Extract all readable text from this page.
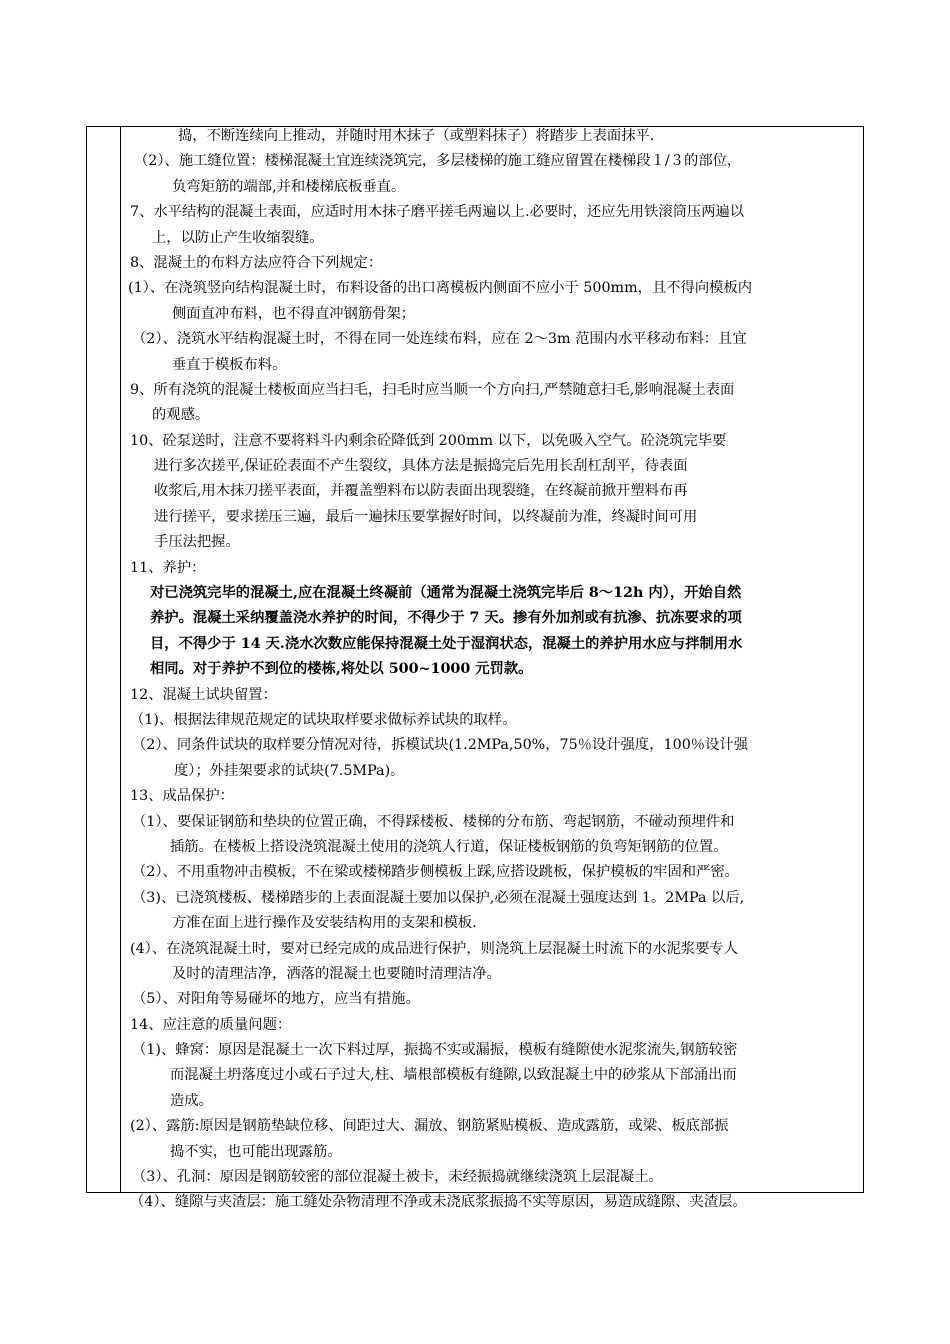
捣，不断连续向上推动，并随时用木抹子（或塑料抹子）将踏步上表面抹平.
（2）、施工缝位置：楼梯混凝土宜连续浇筑完，多层楼梯的施工缝应留置在楼梯段１/３的部位，
负弯矩筋的端部,并和楼梯底板垂直。
7、水平结构的混凝土表面，应适时用木抹子磨平搓毛两遍以上.必要时，还应先用铁滚筒压两遍以
上，以防止产生收缩裂缝。
8、混凝土的布料方法应符合下列规定：
(1）、在浇筑竖向结构混凝土时，布料设备的出口离模板内侧面不应小于 500mm，且不得向模板内
侧面直冲布料，也不得直冲钢筋骨架；
（2）、浇筑水平结构混凝土时，不得在同一处连续布料，应在 2～3m 范围内水平移动布料：且宜
垂直于模板布料。
9、所有浇筑的混凝土楼板面应当扫毛，扫毛时应当顺一个方向扫,严禁随意扫毛,影响混凝土表面
的观感。
10、砼泵送时，注意不要将料斗内剩余砼降低到 200mm 以下，以免吸入空气。砼浇筑完毕要
进行多次搓平,保证砼表面不产生裂纹，具体方法是振捣完后先用长刮杠刮平，待表面
收浆后,用木抹刀搓平表面，并覆盖塑料布以防表面出现裂缝，在终凝前掀开塑料布再
进行搓平，要求搓压三遍，最后一遍抹压要掌握好时间，以终凝前为准，终凝时间可用
手压法把握。
11、养护：
对已浇筑完毕的混凝土,应在混凝土终凝前（通常为混凝土浇筑完毕后 8～12h 内），开始自然
养护。混凝土采纳覆盖浇水养护的时间，不得少于 7 天。掺有外加剂或有抗渗、抗冻要求的项
目，不得少于 14 天.浇水次数应能保持混凝土处于湿润状态，混凝土的养护用水应与拌制用水
相同。对于养护不到位的楼栋,将处以 500~1000 元罚款。
12、混凝土试块留置：
（1)、根据法律规范规定的试块取样要求做标养试块的取样。
（2）、同条件试块的取样要分情况对待，拆模试块(1.2MPa,50%，75％设计强度，100％设计强
度）；外挂架要求的试块(7.5MPa)。
13、成品保护：
（1）、要保证钢筋和垫块的位置正确，不得踩楼板、楼梯的分布筋、弯起钢筋，不碰动预埋件和
插筋。在楼板上搭设浇筑混凝土使用的浇筑人行道，保证楼板钢筋的负弯矩钢筋的位置。
（2）、不用重物冲击模板，不在梁或楼梯踏步侧模板上踩,应搭设跳板，保护模板的牢固和严密。
（3)、已浇筑楼板、楼梯踏步的上表面混凝土要加以保护,必须在混凝土强度达到 1。2MPa 以后,
方准在面上进行操作及安装结构用的支架和模板.
(4）、在浇筑混凝土时，要对已经完成的成品进行保护，则浇筑上层混凝土时流下的水泥浆要专人
及时的清理洁净，洒落的混凝土也要随时清理洁净。
（5）、对阳角等易碰坏的地方，应当有措施。
14、应注意的质量问题：
（1)、蜂窝：原因是混凝土一次下料过厚，振捣不实或漏振，模板有缝隙使水泥浆流失,钢筋较密
而混凝土坍落度过小或石子过大,柱、墙根部模板有缝隙,以致混凝土中的砂浆从下部涌出而
造成。
(2）、露筋:原因是钢筋垫缺位移、间距过大、漏放、钢筋紧贴模板、造成露筋，或梁、板底部振
捣不实，也可能出现露筋。
（3）、孔洞：原因是钢筋较密的部位混凝土被卡，未经振捣就继续浇筑上层混凝土。
（4）、缝隙与夹渣层：施工缝处杂物清理不净或未浇底浆振捣不实等原因，易造成缝隙、夹渣层。
